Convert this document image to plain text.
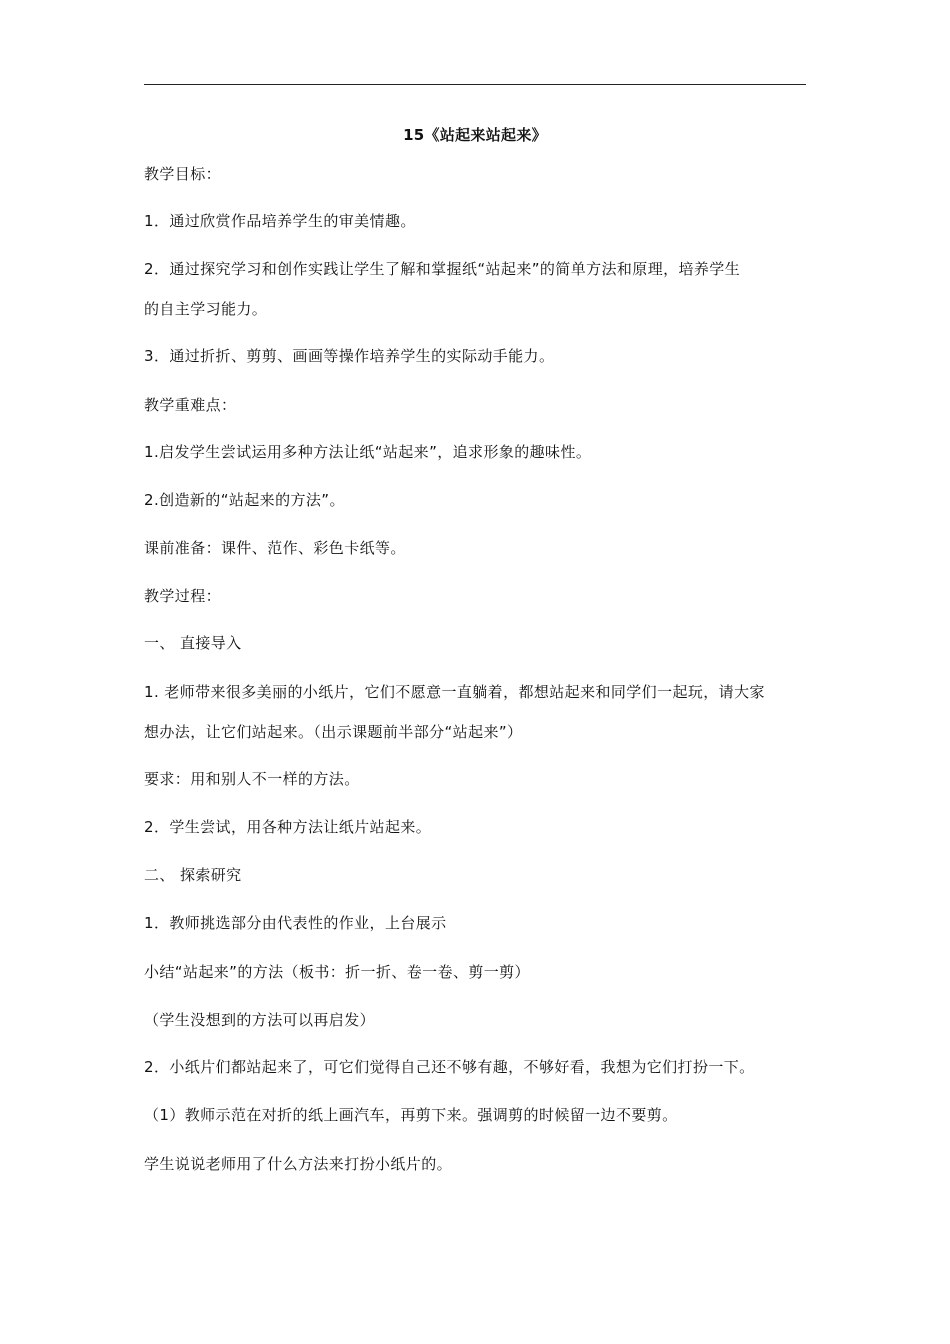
15《站起来站起来》
教学目标：
1．通过欣赏作品培养学生的审美情趣。
2．通过探究学习和创作实践让学生了解和掌握纸“站起来”的简单方法和原理，培养学生
的自主学习能力。
3．通过折折、剪剪、画画等操作培养学生的实际动手能力。
教学重难点：
1.启发学生尝试运用多种方法让纸“站起来”，追求形象的趣味性。
2.创造新的“站起来的方法”。
课前准备：课件、范作、彩色卡纸等。
教学过程：
一、 直接导入
1. 老师带来很多美丽的小纸片，它们不愿意一直躺着，都想站起来和同学们一起玩，请大家
想办法，让它们站起来。（出示课题前半部分“站起来”）
要求：用和别人不一样的方法。
2．学生尝试，用各种方法让纸片站起来。
二、 探索研究
1．教师挑选部分由代表性的作业，上台展示
小结“站起来”的方法（板书：折一折、卷一卷、剪一剪）
（学生没想到的方法可以再启发）
2．小纸片们都站起来了，可它们觉得自己还不够有趣，不够好看，我想为它们打扮一下。
（1）教师示范在对折的纸上画汽车，再剪下来。强调剪的时候留一边不要剪。
学生说说老师用了什么方法来打扮小纸片的。
